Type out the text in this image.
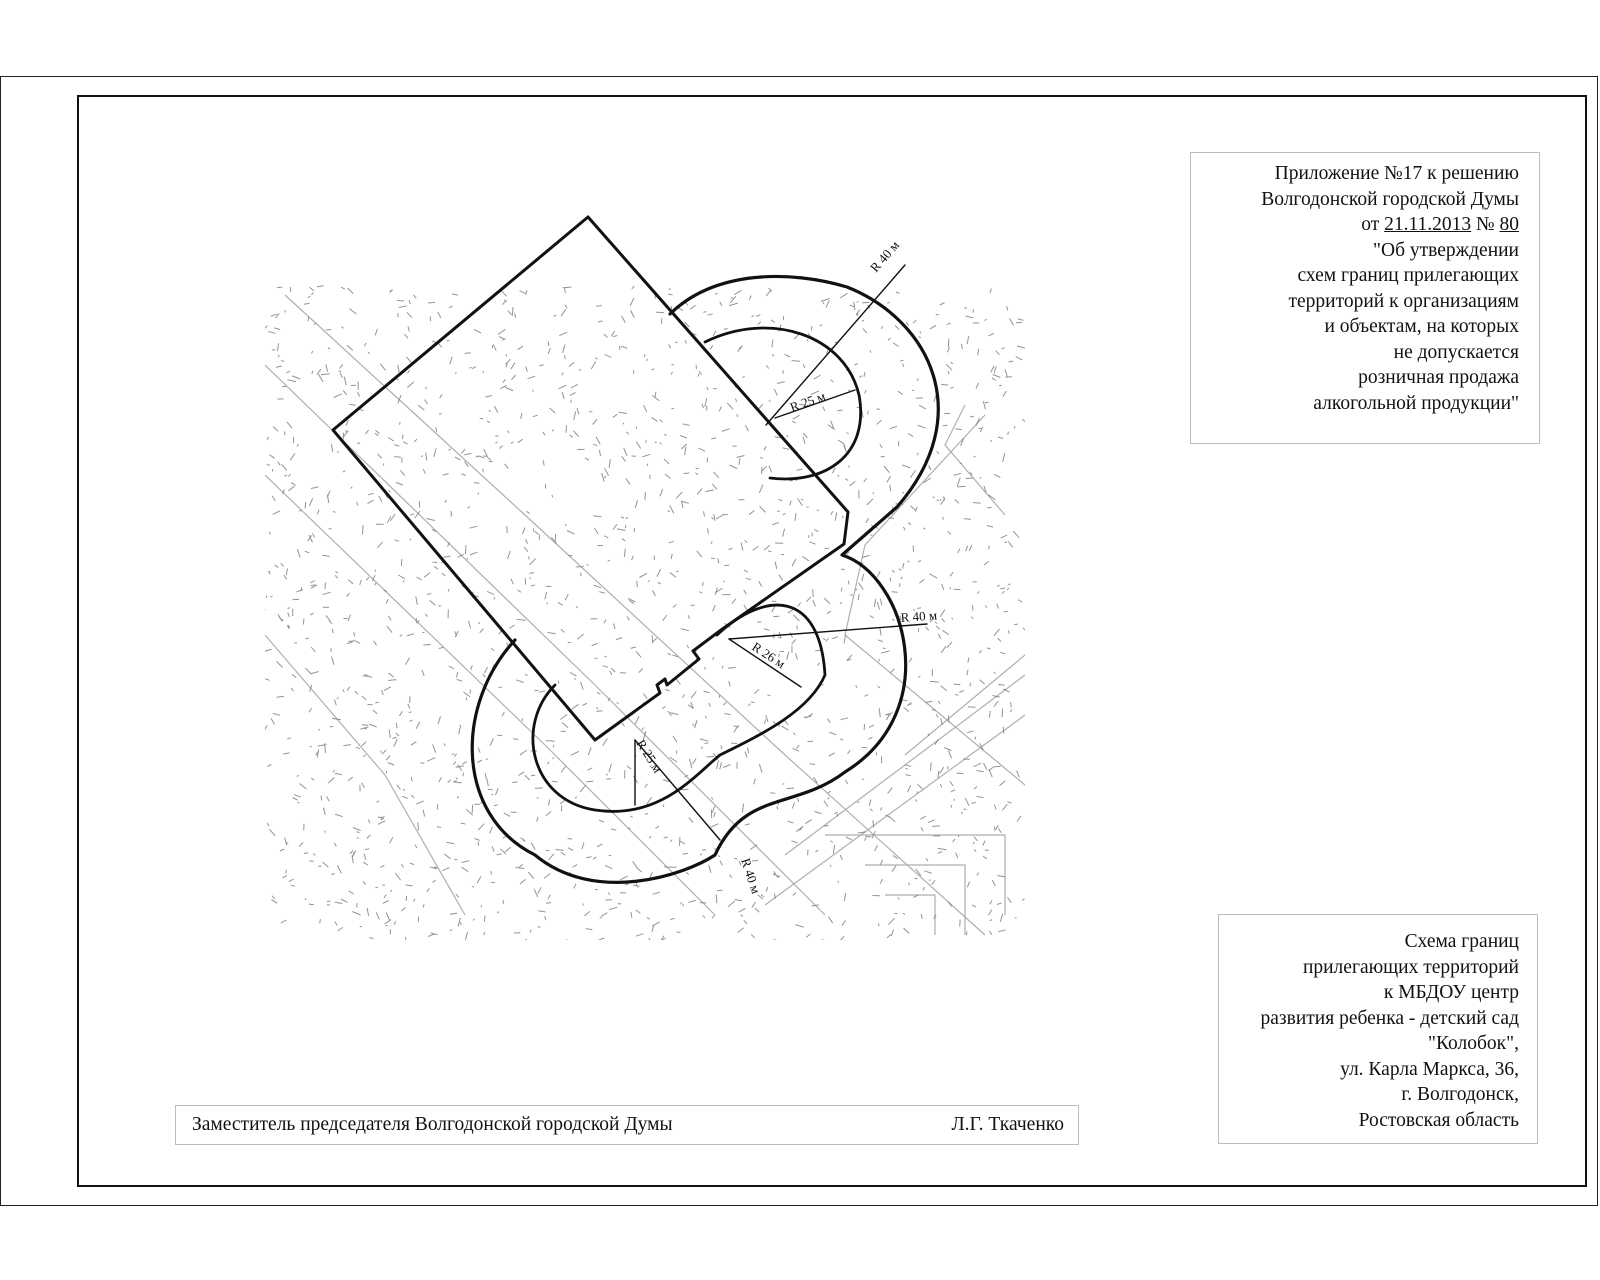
Приложение №17 к решению
Волгодонской городской Думы
от 21.11.2013 № 80
"Об утверждении
схем границ прилегающих
территорий к организациям
и объектам, на которых
не допускается
розничная продажа
алкогольной продукции"
Схема границ
прилегающих территорий
к МБДОУ центр
развития ребенка - детский сад
"Колобок",
ул. Карла Маркса, 36,
г. Волгодонск,
Ростовская область
Заместитель председателя Волгодонской городской Думы	Л.Г. Ткаченко
R 40 м
R 25 м
R 40 м
R 26 м
R 25 м
R 40 м
